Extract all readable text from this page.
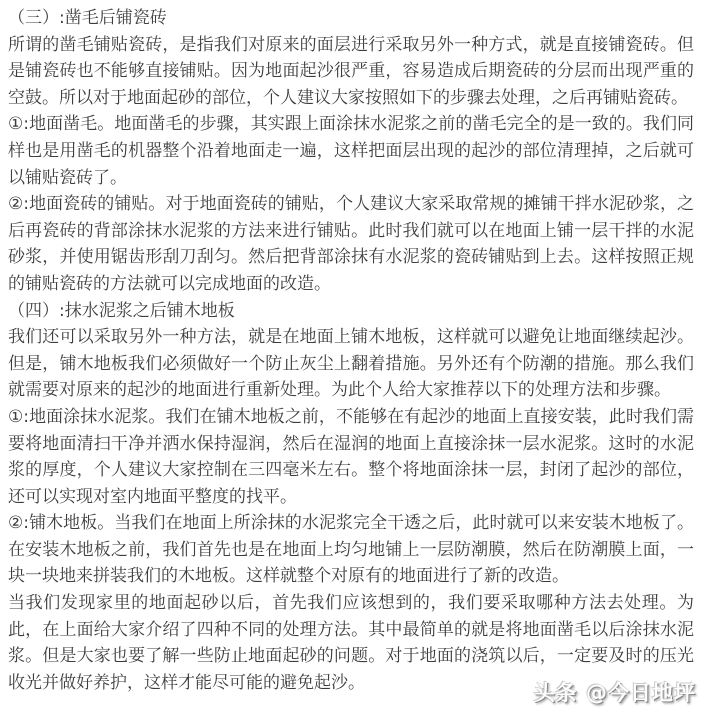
（三）:凿毛后铺瓷砖

所谓的凿毛铺贴瓷砖，是指我们对原来的面层进行采取另外一种方式，就是直接铺瓷砖。但是铺瓷砖也不能够直接铺贴。因为地面起沙很严重，容易造成后期瓷砖的分层而出现严重的空鼓。所以对于地面起砂的部位，个人建议大家按照如下的步骤去处理，之后再铺贴瓷砖。

①:地面凿毛。地面凿毛的步骤，其实跟上面涂抹水泥浆之前的凿毛完全的是一致的。我们同样也是用凿毛的机器整个沿着地面走一遍，这样把面层出现的起沙的部位清理掉，之后就可以铺贴瓷砖了。

②:地面瓷砖的铺贴。对于地面瓷砖的铺贴，个人建议大家采取常规的摊铺干拌水泥砂浆，之后再瓷砖的背部涂抹水泥浆的方法来进行铺贴。此时我们就可以在地面上铺一层干拌的水泥砂浆，并使用锯齿形刮刀刮匀。然后把背部涂抹有水泥浆的瓷砖铺贴到上去。这样按照正规的铺贴瓷砖的方法就可以完成地面的改造。

（四）:抹水泥浆之后铺木地板

我们还可以采取另外一种方法，就是在地面上铺木地板，这样就可以避免让地面继续起沙。但是，铺木地板我们必须做好一个防止灰尘上翻着措施。另外还有个防潮的措施。那么我们就需要对原来的起沙的地面进行重新处理。为此个人给大家推荐以下的处理方法和步骤。

①:地面涂抹水泥浆。我们在铺木地板之前，不能够在有起沙的地面上直接安装，此时我们需要将地面清扫干净并洒水保持湿润，然后在湿润的地面上直接涂抹一层水泥浆。这时的水泥浆的厚度，个人建议大家控制在三四毫米左右。整个将地面涂抹一层，封闭了起沙的部位，还可以实现对室内地面平整度的找平。

②:铺木地板。当我们在地面上所涂抹的水泥浆完全干透之后，此时就可以来安装木地板了。在安装木地板之前，我们首先也是在地面上均匀地铺上一层防潮膜，然后在防潮膜上面，一块一块地来拼装我们的木地板。这样就整个对原有的地面进行了新的改造。

当我们发现家里的地面起砂以后，首先我们应该想到的，我们要采取哪种方法去处理。为此，在上面给大家介绍了四种不同的处理方法。其中最简单的就是将地面凿毛以后涂抹水泥浆。但是大家也要了解一些防止地面起砂的问题。对于地面的浇筑以后，一定要及时的压光收光并做好养护，这样才能尽可能的避免起沙。	头条 @今日地坪
